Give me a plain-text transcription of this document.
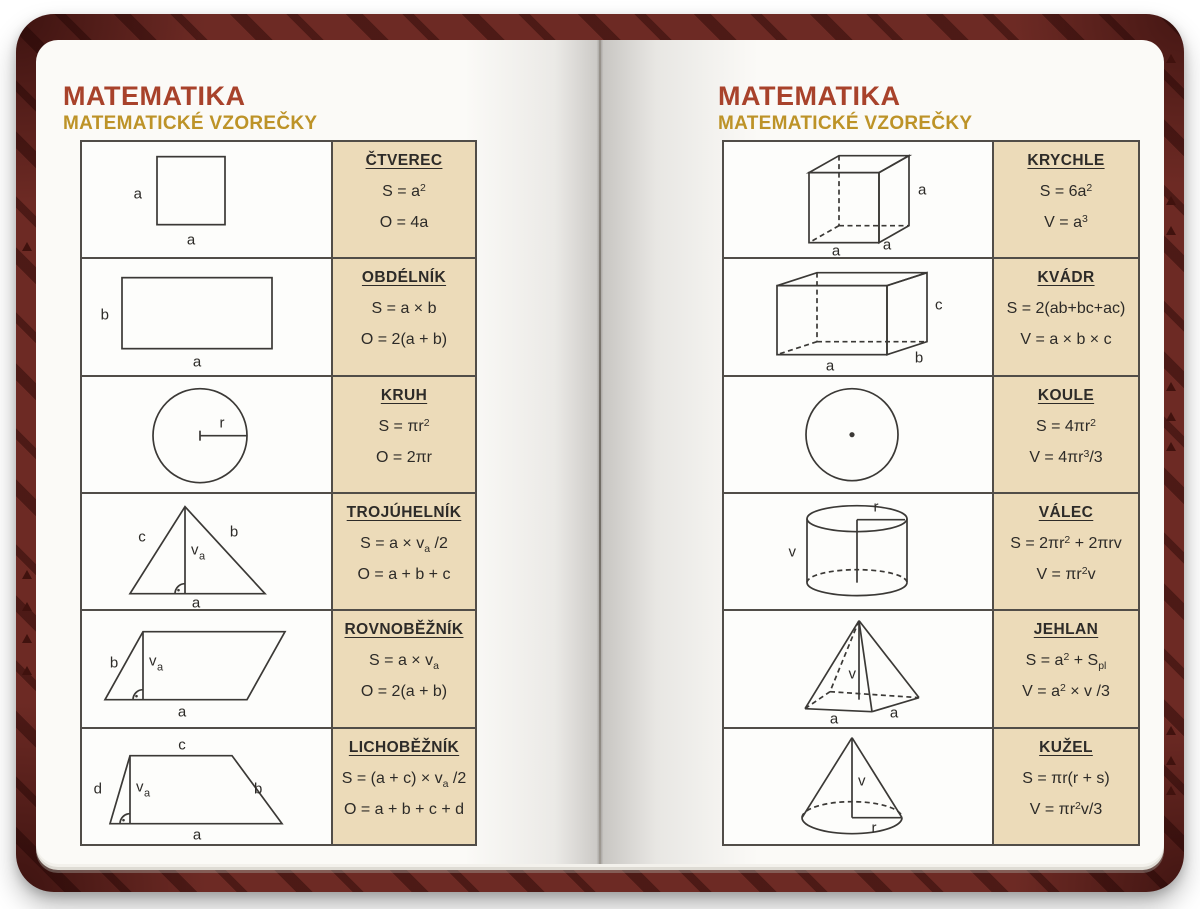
MATEMATIKA
MATEMATICKÉ VZOREČKY
a
a
ČTVEREC
$S = a^2$
O = 4a
b
a
OBDÉLNÍK
S = a × b
O = 2(a + b)
r
KRUH
$S = \pi r^2$
O = 2πr
c	b
v a
a
TROJÚHELNÍK
$S = a \times v_a$ /2
O = a + b + c
b v a
a
ROVNOBĚŽNÍK
$S = a \times v_a$
O = 2(a + b)
c
d v a	b
a
LICHOBĚŽNÍK
$S = (a + c) \times v_a$ /2
O = a + b + c + d
MATEMATIKA
MATEMATICKÉ VZOREČKY
a
a	a
KRYCHLE
$S = 6a^2$
$V = a^3$
c
a	b
KVÁDR
S = 2(ab+bc+ac)
V = a × b × c
KOULE
$S = 4\pi r^2$
$V = 4\pi r^3/3$
r
v
VÁLEC
$S = 2\pi r^2 + 2\pi rv$
$V = \pi r^2v$
v
a	a
JEHLAN
$S = a^2 + S_{pl}$
$V = a^2 \times v$ /3
v
r
KUŽEL
S = πr(r + s)
$V = \pi r^2v/3$
